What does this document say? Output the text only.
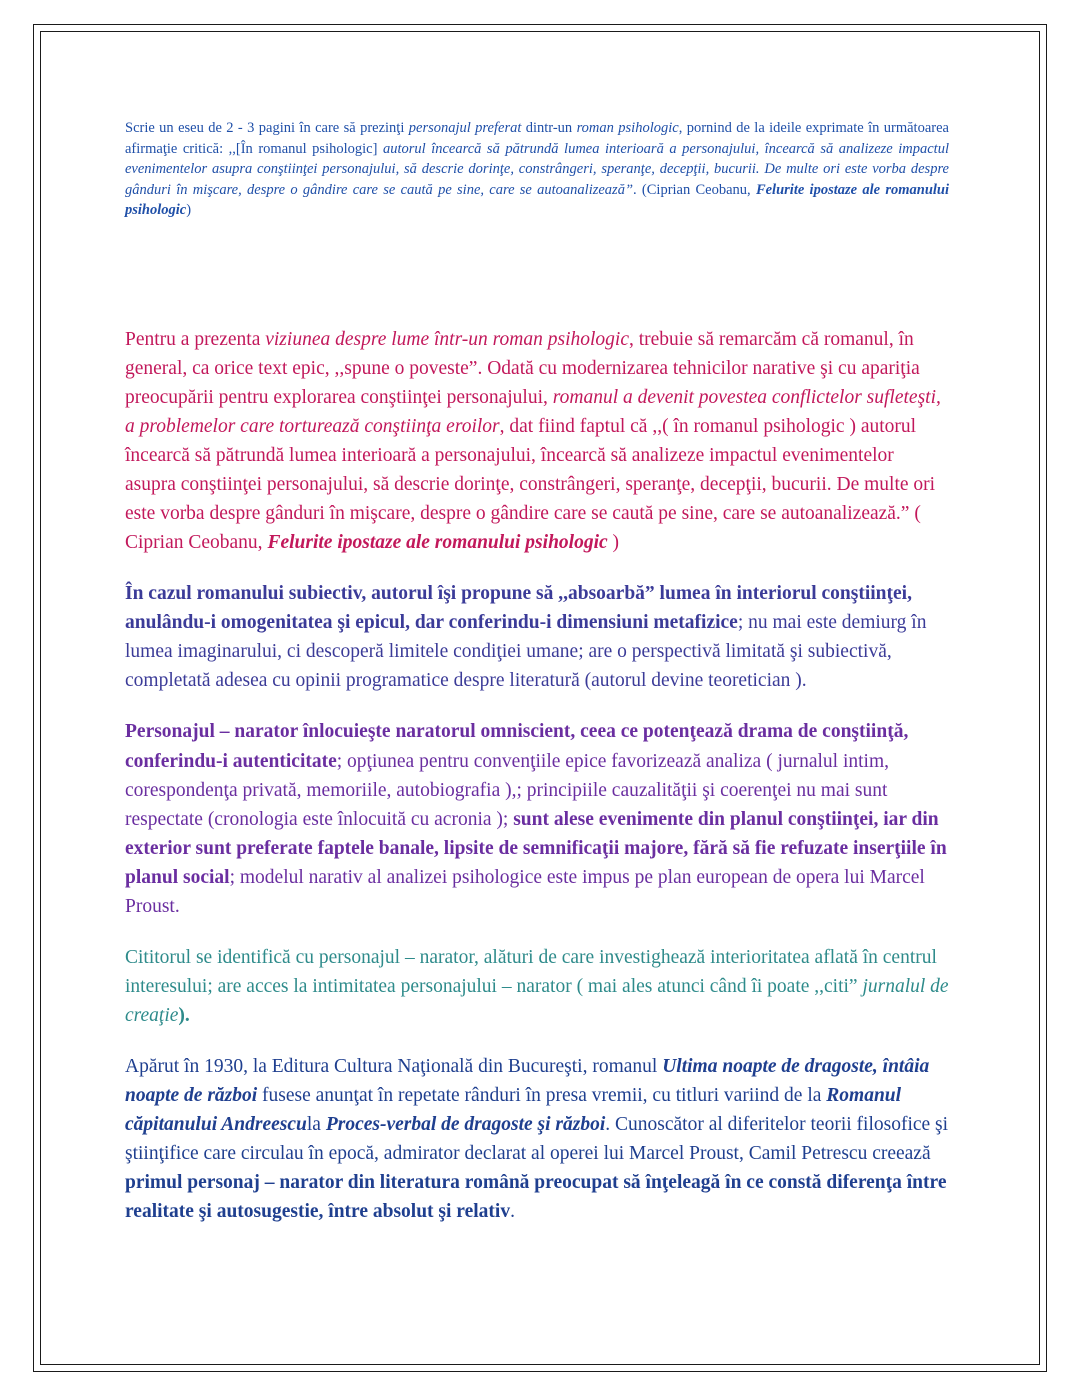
Scrie un eseu de 2 - 3 pagini în care să prezinţi personajul preferat dintr-un roman psihologic, pornind de la ideile exprimate în următoarea afirmaţie critică: ,,[În romanul psihologic] autorul încearcă să pătrundă lumea interioară a personajului, încearcă să analizeze impactul evenimentelor asupra conştiinţei personajului, să descrie dorinţe, constrângeri, speranţe, decepţii, bucurii. De multe ori este vorba despre gânduri în mişcare, despre o gândire care se caută pe sine, care se autoanalizează”. (Ciprian Ceobanu, Felurite ipostaze ale romanului psihologic)

Pentru a prezenta viziunea despre lume într-un roman psihologic, trebuie să remarcăm că romanul, în general, ca orice text epic, ,,spune o poveste”. Odată cu modernizarea tehnicilor narative şi cu apariţia preocupării pentru explorarea conştiinţei personajului, romanul a devenit povestea conflictelor sufleteşti, a problemelor care torturează conştiinţa eroilor, dat fiind faptul că ,,( în romanul psihologic ) autorul încearcă să pătrundă lumea interioară a personajului, încearcă să analizeze impactul evenimentelor asupra conştiinţei personajului, să descrie dorinţe, constrângeri, speranţe, decepţii, bucurii. De multe ori este vorba despre gânduri în mişcare, despre o gândire care se caută pe sine, care se autoanalizează.” ( Ciprian Ceobanu, Felurite ipostaze ale romanului psihologic )

În cazul romanului subiectiv, autorul îşi propune să ,,absoarbă” lumea în interiorul conştiinţei, anulându-i omogenitatea şi epicul, dar conferindu-i dimensiuni metafizice; nu mai este demiurg în lumea imaginarului, ci descoperă limitele condiţiei umane; are o perspectivă limitată şi subiectivă, completată adesea cu opinii programatice despre literatură (autorul devine teoretician ).

Personajul – narator înlocuieşte naratorul omniscient, ceea ce potenţează drama de conştiinţă, conferindu-i autenticitate; opţiunea pentru convenţiile epice favorizează analiza ( jurnalul intim, corespondenţa privată, memoriile, autobiografia ),; principiile cauzalităţii şi coerenţei nu mai sunt respectate (cronologia este înlocuită cu acronia ); sunt alese evenimente din planul conştiinţei, iar din exterior sunt preferate faptele banale, lipsite de semnificaţii majore, fără să fie refuzate inserţiile în planul social; modelul narativ al analizei psihologice este impus pe plan european de opera lui Marcel Proust.

Cititorul se identifică cu personajul – narator, alături de care investighează interioritatea aflată în centrul interesului; are acces la intimitatea personajului – narator ( mai ales atunci când îi poate ,,citi” jurnalul de creaţie).

Apărut în 1930, la Editura Cultura Naţională din Bucureşti, romanul Ultima noapte de dragoste, întâia noapte de război fusese anunţat în repetate rânduri în presa vremii, cu titluri variind de la Romanul căpitanului Andreescula Proces-verbal de dragoste şi război. Cunoscător al diferitelor teorii filosofice şi ştiinţifice care circulau în epocă, admirator declarat al operei lui Marcel Proust, Camil Petrescu creează primul personaj – narator din literatura română preocupat să înţeleagă în ce constă diferenţa între realitate şi autosugestie, între absolut şi relativ.
